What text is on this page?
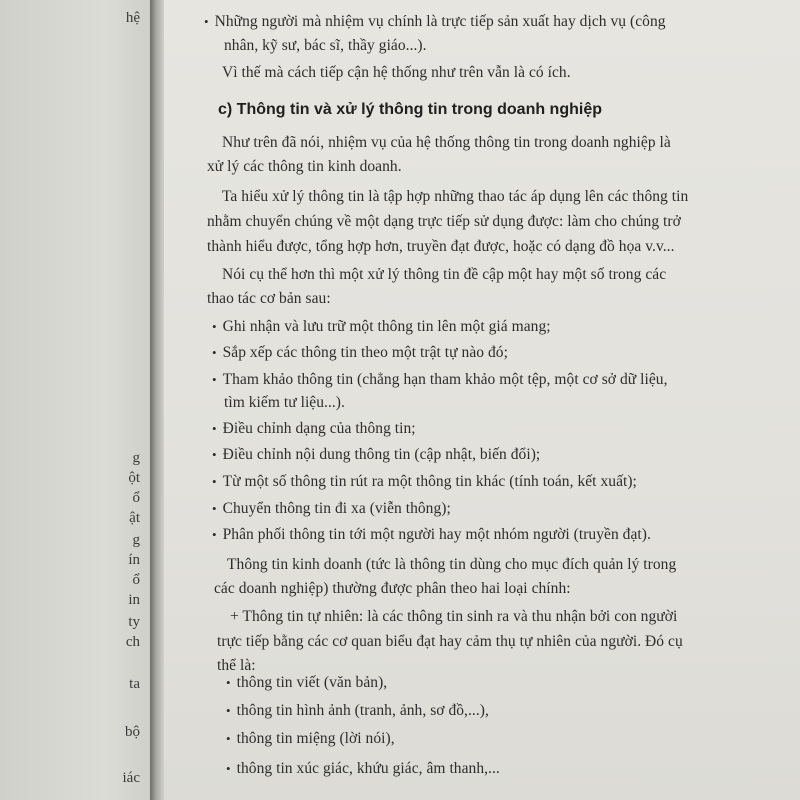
hệ
g
ột
ổ
ật
g
ín
ổ
in
ty
ch
ta
bộ
iác
• Những người mà nhiệm vụ chính là trực tiếp sản xuất hay dịch vụ (công
nhân, kỹ sư, bác sĩ, thầy giáo...).
Vì thế mà cách tiếp cận hệ thống như trên vẫn là có ích.
c) Thông tin và xử lý thông tin trong doanh nghiệp
Như trên đã nói, nhiệm vụ của hệ thống thông tin trong doanh nghiệp là
xử lý các thông tin kinh doanh.
Ta hiểu xử lý thông tin là tập hợp những thao tác áp dụng lên các thông tin
nhằm chuyển chúng về một dạng trực tiếp sử dụng được: làm cho chúng trở
thành hiểu được, tổng hợp hơn, truyền đạt được, hoặc có dạng đồ họa v.v...
Nói cụ thể hơn thì một xử lý thông tin đề cập một hay một số trong các
thao tác cơ bản sau:
• Ghi nhận và lưu trữ một thông tin lên một giá mang;
• Sắp xếp các thông tin theo một trật tự nào đó;
• Tham khảo thông tin (chẳng hạn tham khảo một tệp, một cơ sở dữ liệu,
tìm kiếm tư liệu...).
• Điều chỉnh dạng của thông tin;
• Điều chỉnh nội dung thông tin (cập nhật, biến đổi);
• Từ một số thông tin rút ra một thông tin khác (tính toán, kết xuất);
• Chuyển thông tin đi xa (viễn thông);
• Phân phối thông tin tới một người hay một nhóm người (truyền đạt).
Thông tin kinh doanh (tức là thông tin dùng cho mục đích quản lý trong
các doanh nghiệp) thường được phân theo hai loại chính:
+ Thông tin tự nhiên: là các thông tin sinh ra và thu nhận bởi con người
trực tiếp bằng các cơ quan biểu đạt hay cảm thụ tự nhiên của người. Đó cụ
thể là:
• thông tin viết (văn bản),
• thông tin hình ảnh (tranh, ảnh, sơ đồ,...),
• thông tin miệng (lời nói),
• thông tin xúc giác, khứu giác, âm thanh,...
